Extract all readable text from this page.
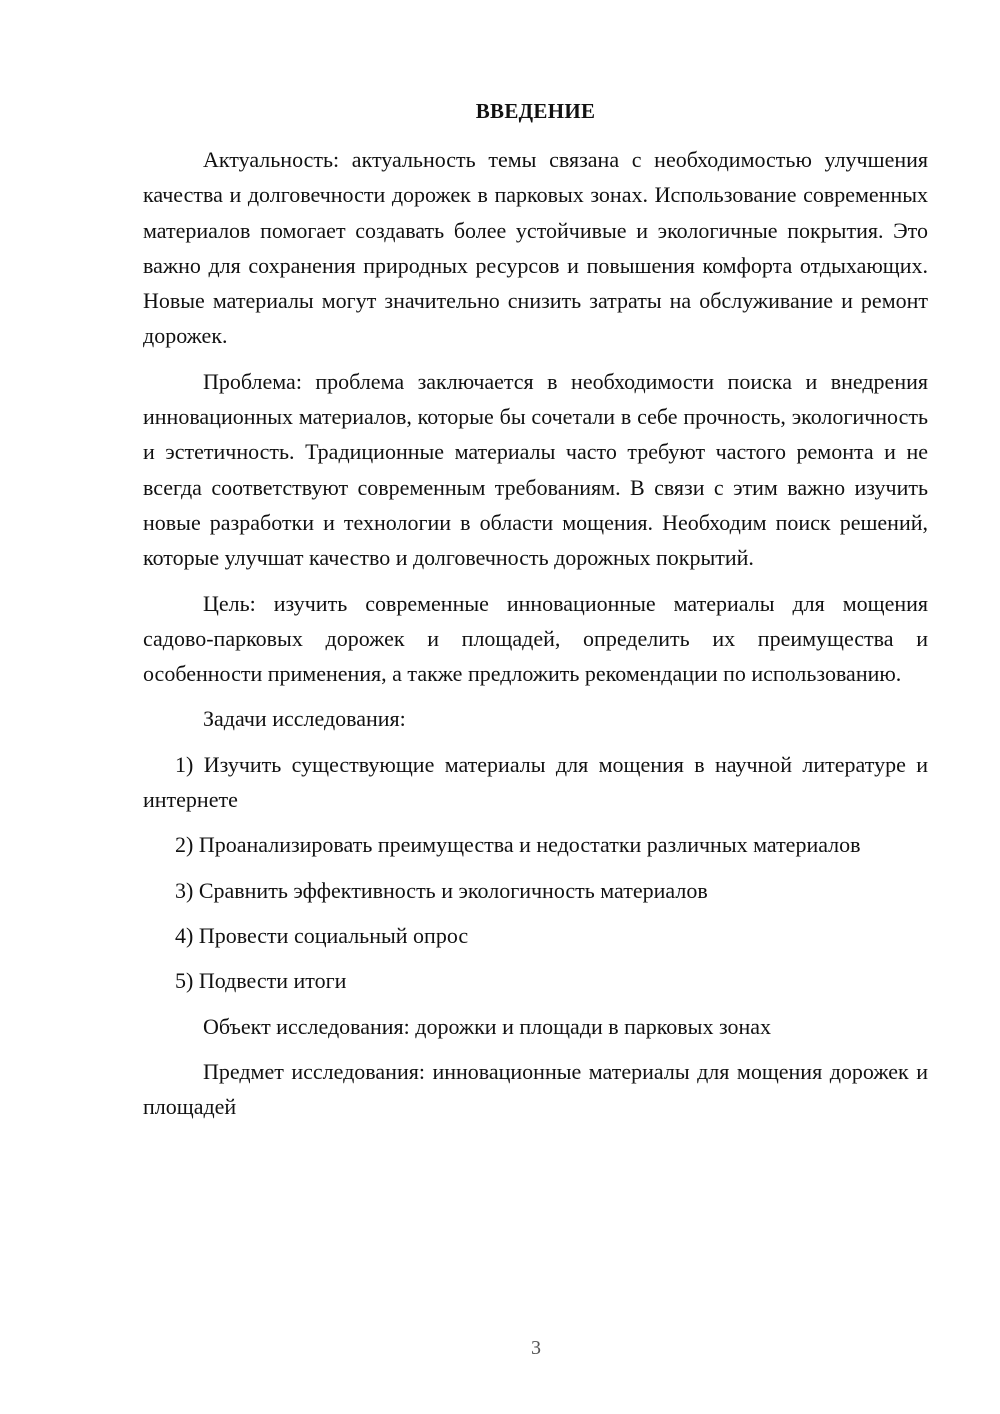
ВВЕДЕНИЕ

Актуальность: актуальность темы связана с необходимостью улучшения качества и долговечности дорожек в парковых зонах. Использование современных материалов помогает создавать более устойчивые и экологичные покрытия. Это важно для сохранения природных ресурсов и повышения комфорта отдыхающих. Новые материалы могут значительно снизить затраты на обслуживание и ремонт дорожек.

Проблема: проблема заключается в необходимости поиска и внедрения инновационных материалов, которые бы сочетали в себе прочность, экологичность и эстетичность. Традиционные материалы часто требуют частого ремонта и не всегда соответствуют современным требованиям. В связи с этим важно изучить новые разработки и технологии в области мощения. Необходим поиск решений, которые улучшат качество и долговечность дорожных покрытий.

Цель: изучить современные инновационные материалы для мощения садово-парковых дорожек и площадей, определить их преимущества и особенности применения, а также предложить рекомендации по использованию.

Задачи исследования:

1) Изучить существующие материалы для мощения в научной литературе и интернете

2) Проанализировать преимущества и недостатки различных материалов

3) Сравнить эффективность и экологичность материалов

4) Провести социальный опрос

5) Подвести итоги

Объект исследования: дорожки и площади в парковых зонах

Предмет исследования: инновационные материалы для мощения дорожек и площадей

3
